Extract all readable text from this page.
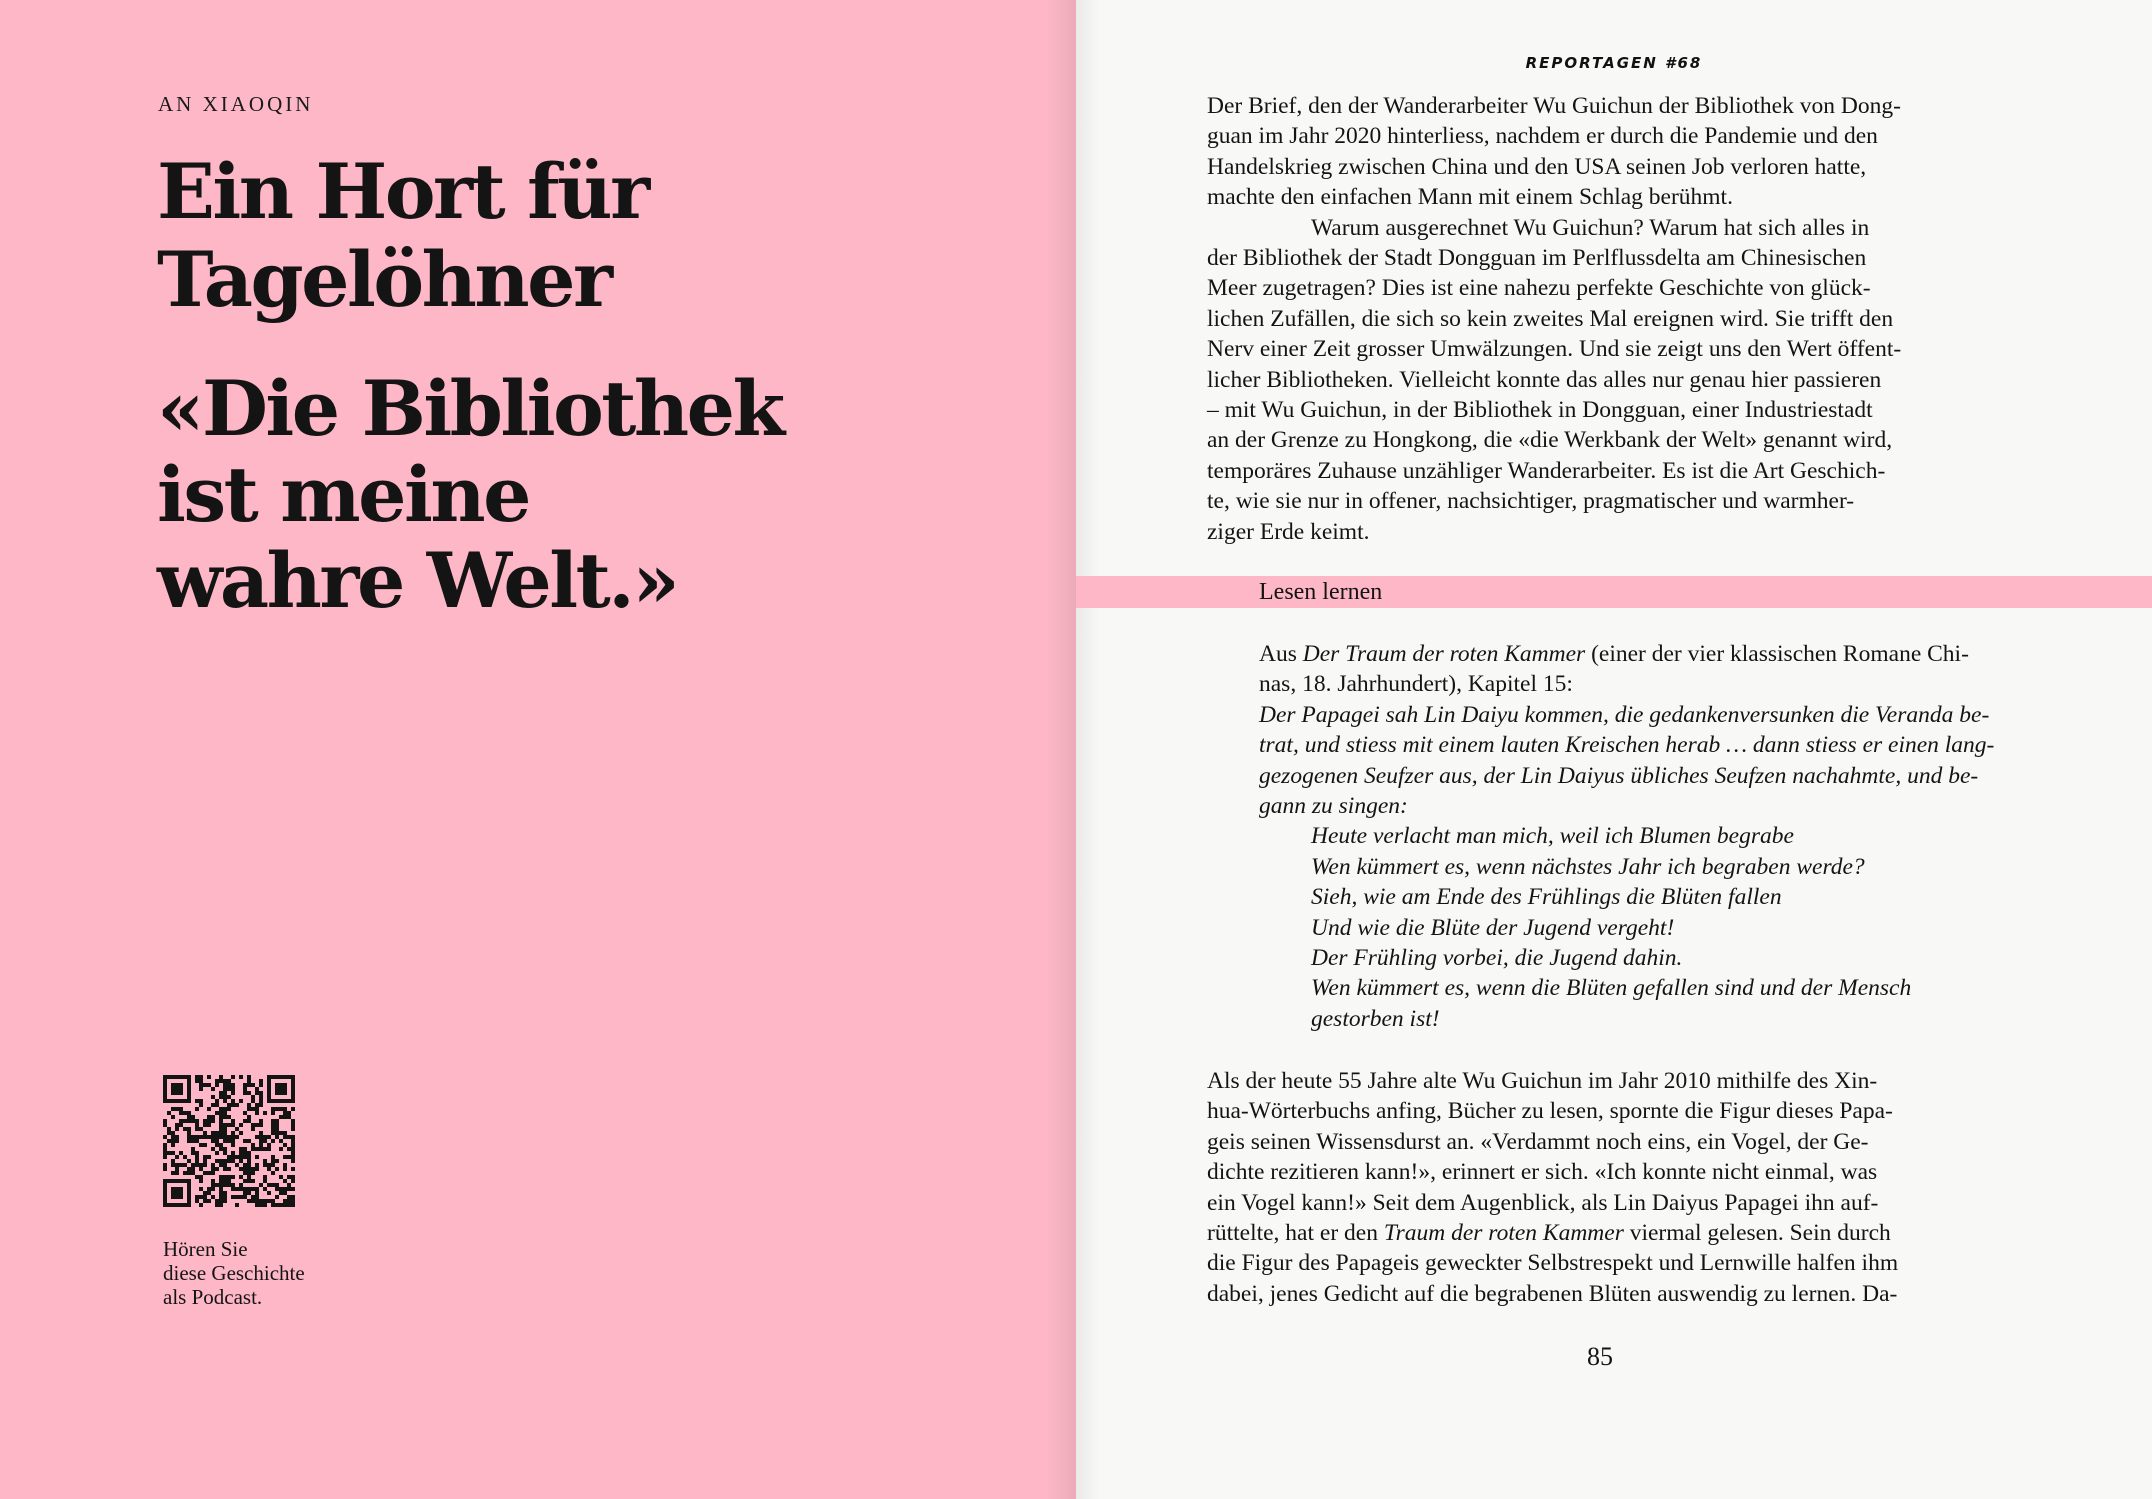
AN XIAOQIN
Ein Hort für
Tagelöhner
«Die Bibliothek
ist meine
wahre Welt.»
Hören Sie
diese Geschichte
als Podcast.
REPORTAGEN #68
Der Brief, den der Wanderarbeiter Wu Guichun der Bibliothek von Dong-
guan im Jahr 2020 hinterliess, nachdem er durch die Pandemie und den
Handelskrieg zwischen China und den USA seinen Job verloren hatte,
machte den einfachen Mann mit einem Schlag berühmt.
Warum ausgerechnet Wu Guichun? Warum hat sich alles in
der Bibliothek der Stadt Dongguan im Perlflussdelta am Chinesischen
Meer zugetragen? Dies ist eine nahezu perfekte Geschichte von glück-
lichen Zufällen, die sich so kein zweites Mal ereignen wird. Sie trifft den
Nerv einer Zeit grosser Umwälzungen. Und sie zeigt uns den Wert öffent-
licher Bibliotheken. Vielleicht konnte das alles nur genau hier passieren
– mit Wu Guichun, in der Bibliothek in Dongguan, einer Industriestadt
an der Grenze zu Hongkong, die «die Werkbank der Welt» genannt wird,
temporäres Zuhause unzähliger Wanderarbeiter. Es ist die Art Geschich-
te, wie sie nur in offener, nachsichtiger, pragmatischer und warmher-
ziger Erde keimt.
Lesen lernen
Aus Der Traum der roten Kammer (einer der vier klassischen Romane Chi-
nas, 18. Jahrhundert), Kapitel 15:
Der Papagei sah Lin Daiyu kommen, die gedankenversunken die Veranda be-
trat, und stiess mit einem lauten Kreischen herab … dann stiess er einen lang-
gezogenen Seufzer aus, der Lin Daiyus übliches Seufzen nachahmte, und be-
gann zu singen:
Heute verlacht man mich, weil ich Blumen begrabe
Wen kümmert es, wenn nächstes Jahr ich begraben werde?
Sieh, wie am Ende des Frühlings die Blüten fallen
Und wie die Blüte der Jugend vergeht!
Der Frühling vorbei, die Jugend dahin.
Wen kümmert es, wenn die Blüten gefallen sind und der Mensch
gestorben ist!
Als der heute 55 Jahre alte Wu Guichun im Jahr 2010 mithilfe des Xin-
hua-Wörterbuchs anfing, Bücher zu lesen, spornte die Figur dieses Papa-
geis seinen Wissensdurst an. «Verdammt noch eins, ein Vogel, der Ge-
dichte rezitieren kann!», erinnert er sich. «Ich konnte nicht einmal, was
ein Vogel kann!» Seit dem Augenblick, als Lin Daiyus Papagei ihn auf-
rüttelte, hat er den Traum der roten Kammer viermal gelesen. Sein durch
die Figur des Papageis geweckter Selbstrespekt und Lernwille halfen ihm
dabei, jenes Gedicht auf die begrabenen Blüten auswendig zu lernen. Da-
85
